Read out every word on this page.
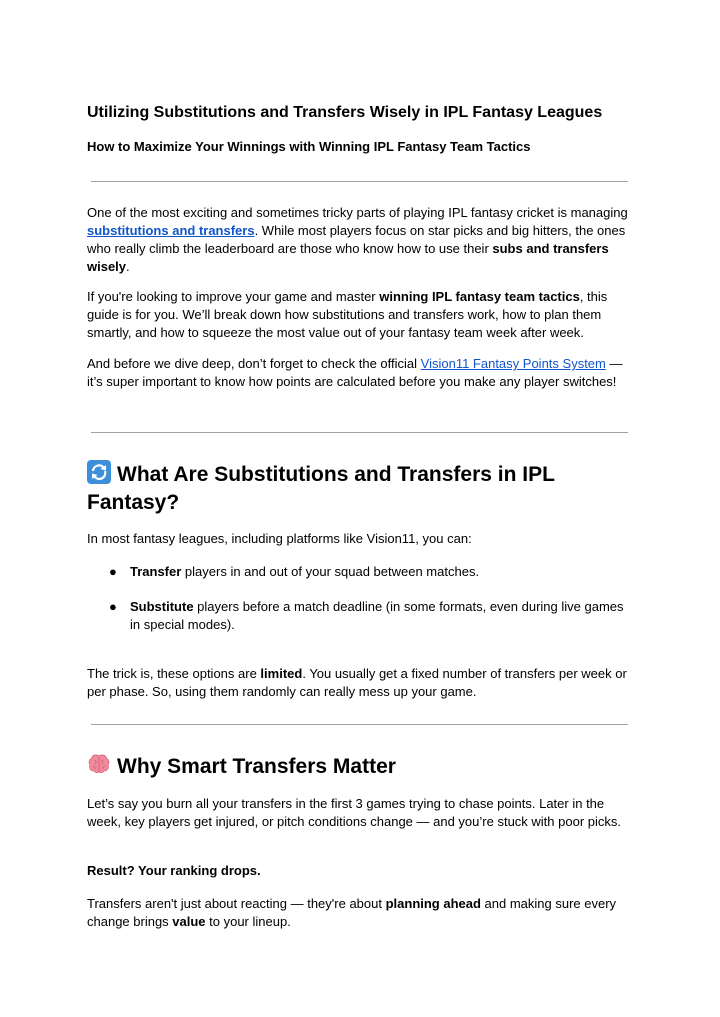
Utilizing Substitutions and Transfers Wisely in IPL Fantasy Leagues
How to Maximize Your Winnings with Winning IPL Fantasy Team Tactics

One of the most exciting and sometimes tricky parts of playing IPL fantasy cricket is managing substitutions and transfers. While most players focus on star picks and big hitters, the ones who really climb the leaderboard are those who know how to use their subs and transfers wisely.

If you're looking to improve your game and master winning IPL fantasy team tactics, this guide is for you. We’ll break down how substitutions and transfers work, how to plan them smartly, and how to squeeze the most value out of your fantasy team week after week.

And before we dive deep, don’t forget to check the official Vision11 Fantasy Points System — it’s super important to know how points are calculated before you make any player switches!

What Are Substitutions and Transfers in IPL Fantasy?

In most fantasy leagues, including platforms like Vision11, you can:

● Transfer players in and out of your squad between matches.
● Substitute players before a match deadline (in some formats, even during live games in special modes).

The trick is, these options are limited. You usually get a fixed number of transfers per week or per phase. So, using them randomly can really mess up your game.

Why Smart Transfers Matter

Let’s say you burn all your transfers in the first 3 games trying to chase points. Later in the week, key players get injured, or pitch conditions change — and you’re stuck with poor picks.

Result? Your ranking drops.

Transfers aren't just about reacting — they're about planning ahead and making sure every change brings value to your lineup.
